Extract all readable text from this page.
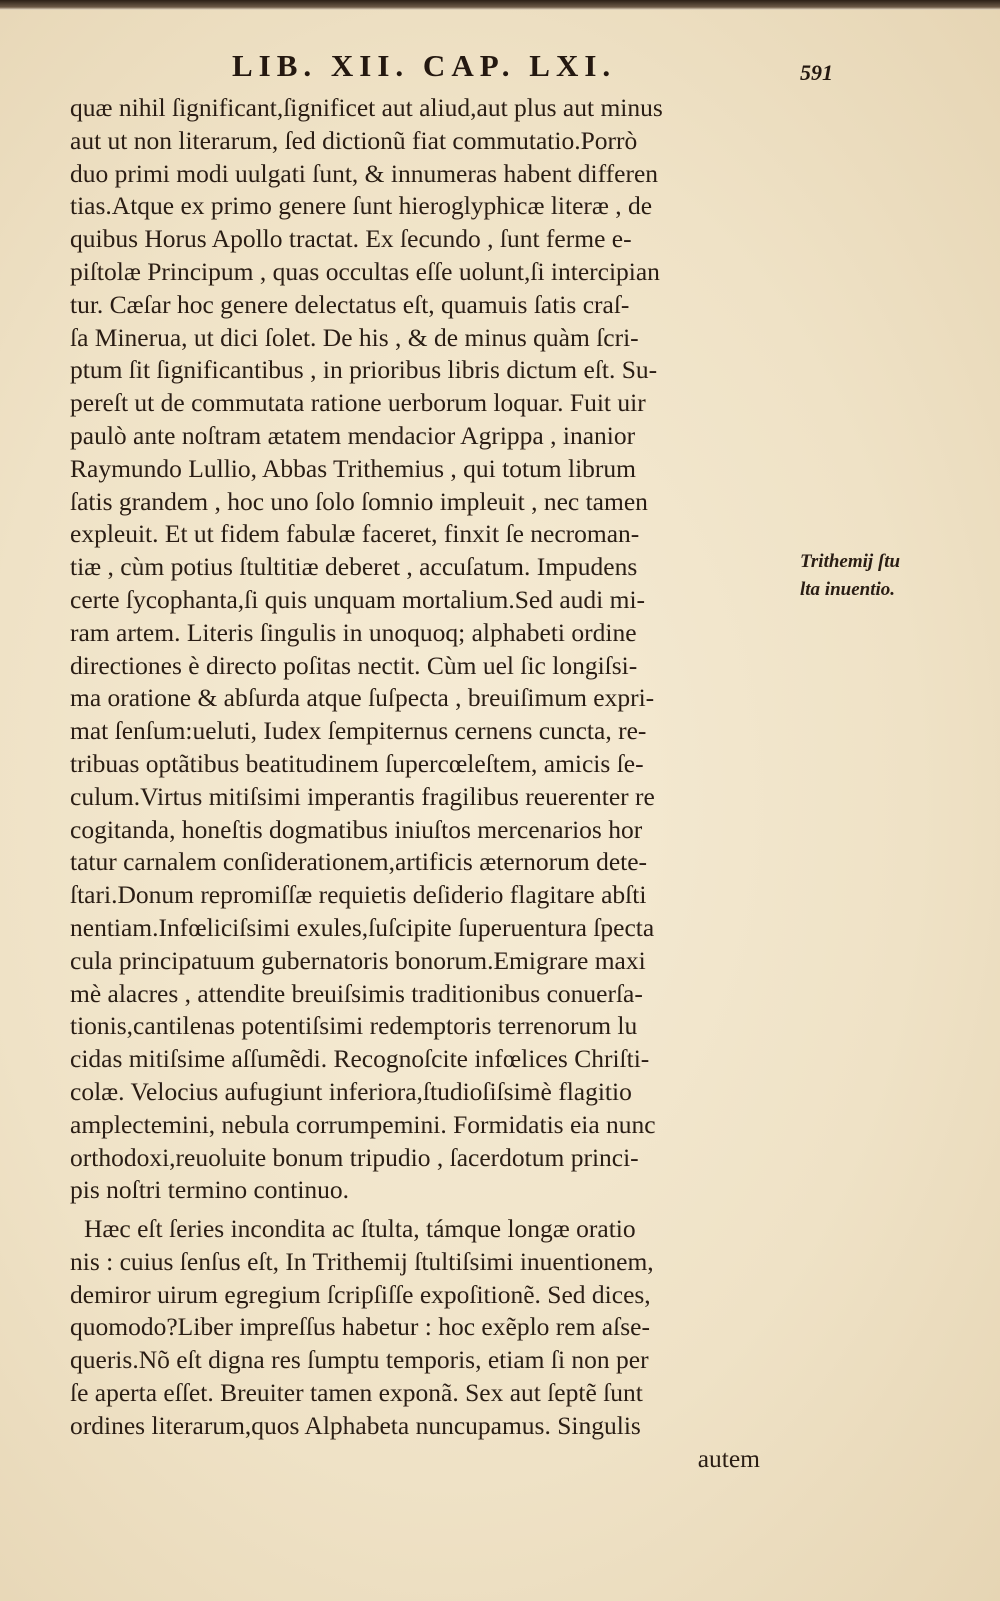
LIB. XII. CAP. LXI.	591
quæ nihil ſignificant,ſignificet aut aliud,aut plus aut minus
aut ut non literarum, ſed dictionũ fiat commutatio.Porrò
duo primi modi uulgati ſunt, & innumeras habent differen
tias.Atque ex primo genere ſunt hieroglyphicæ literæ , de
quibus Horus Apollo tractat. Ex ſecundo , ſunt ferme e-
piſtolæ Principum , quas occultas eſſe uolunt,ſi intercipian
tur. Cæſar hoc genere delectatus eſt, quamuis ſatis craſ-
ſa Minerua, ut dici ſolet. De his , & de minus quàm ſcri-
ptum ſit ſignificantibus , in prioribus libris dictum eſt. Su-
pereſt ut de commutata ratione uerborum loquar. Fuit uir
paulò ante noſtram ætatem mendacior Agrippa , inanior
Raymundo Lullio, Abbas Trithemius , qui totum librum
ſatis grandem , hoc uno ſolo ſomnio impleuit , nec tamen
expleuit. Et ut fidem fabulæ faceret, finxit ſe necroman-
tiæ , cùm potius ſtultitiæ deberet , accuſatum. Impudens
certe ſycophanta,ſi quis unquam mortalium.Sed audi mi-
ram artem. Literis ſingulis in unoquoq; alphabeti ordine
directiones è directo poſitas nectit. Cùm uel ſic longiſsi-
ma oratione & abſurda atque ſuſpecta , breuiſimum expri-
mat ſenſum:ueluti, Iudex ſempiternus cernens cuncta, re-
tribuas optãtibus beatitudinem ſupercœleſtem, amicis ſe-
culum.Virtus mitiſsimi imperantis fragilibus reuerenter re
cogitanda, honeſtis dogmatibus iniuſtos mercenarios hor
tatur carnalem conſiderationem,artificis æternorum dete-
ſtari.Donum repromiſſæ requietis deſiderio flagitare abſti
nentiam.Infœliciſsimi exules,ſuſcipite ſuperuentura ſpecta
cula principatuum gubernatoris bonorum.Emigrare maxi
mè alacres , attendite breuiſsimis traditionibus conuerſa-
tionis,cantilenas potentiſsimi redemptoris terrenorum lu
cidas mitiſsime aſſumẽdi. Recognoſcite infœlices Chriſti-
colæ. Velocius aufugiunt inferiora,ſtudioſiſsimè flagitio
amplectemini, nebula corrumpemini. Formidatis eia nunc
orthodoxi,reuoluite bonum tripudio , ſacerdotum princi-
pis noſtri termino continuo.
Hæc eſt ſeries incondita ac ſtulta, támque longæ oratio
nis : cuius ſenſus eſt, In Trithemij ſtultiſsimi inuentionem,
demiror uirum egregium ſcripſiſſe expoſitionẽ. Sed dices,
quomodo?Liber impreſſus habetur : hoc exẽplo rem aſse-
queris.Nõ eſt digna res ſumptu temporis, etiam ſi non per
ſe aperta eſſet. Breuiter tamen exponã. Sex aut ſeptẽ ſunt
ordines literarum,quos Alphabeta nuncupamus. Singulis
autem
Trithemij ſtu
lta inuentio.
